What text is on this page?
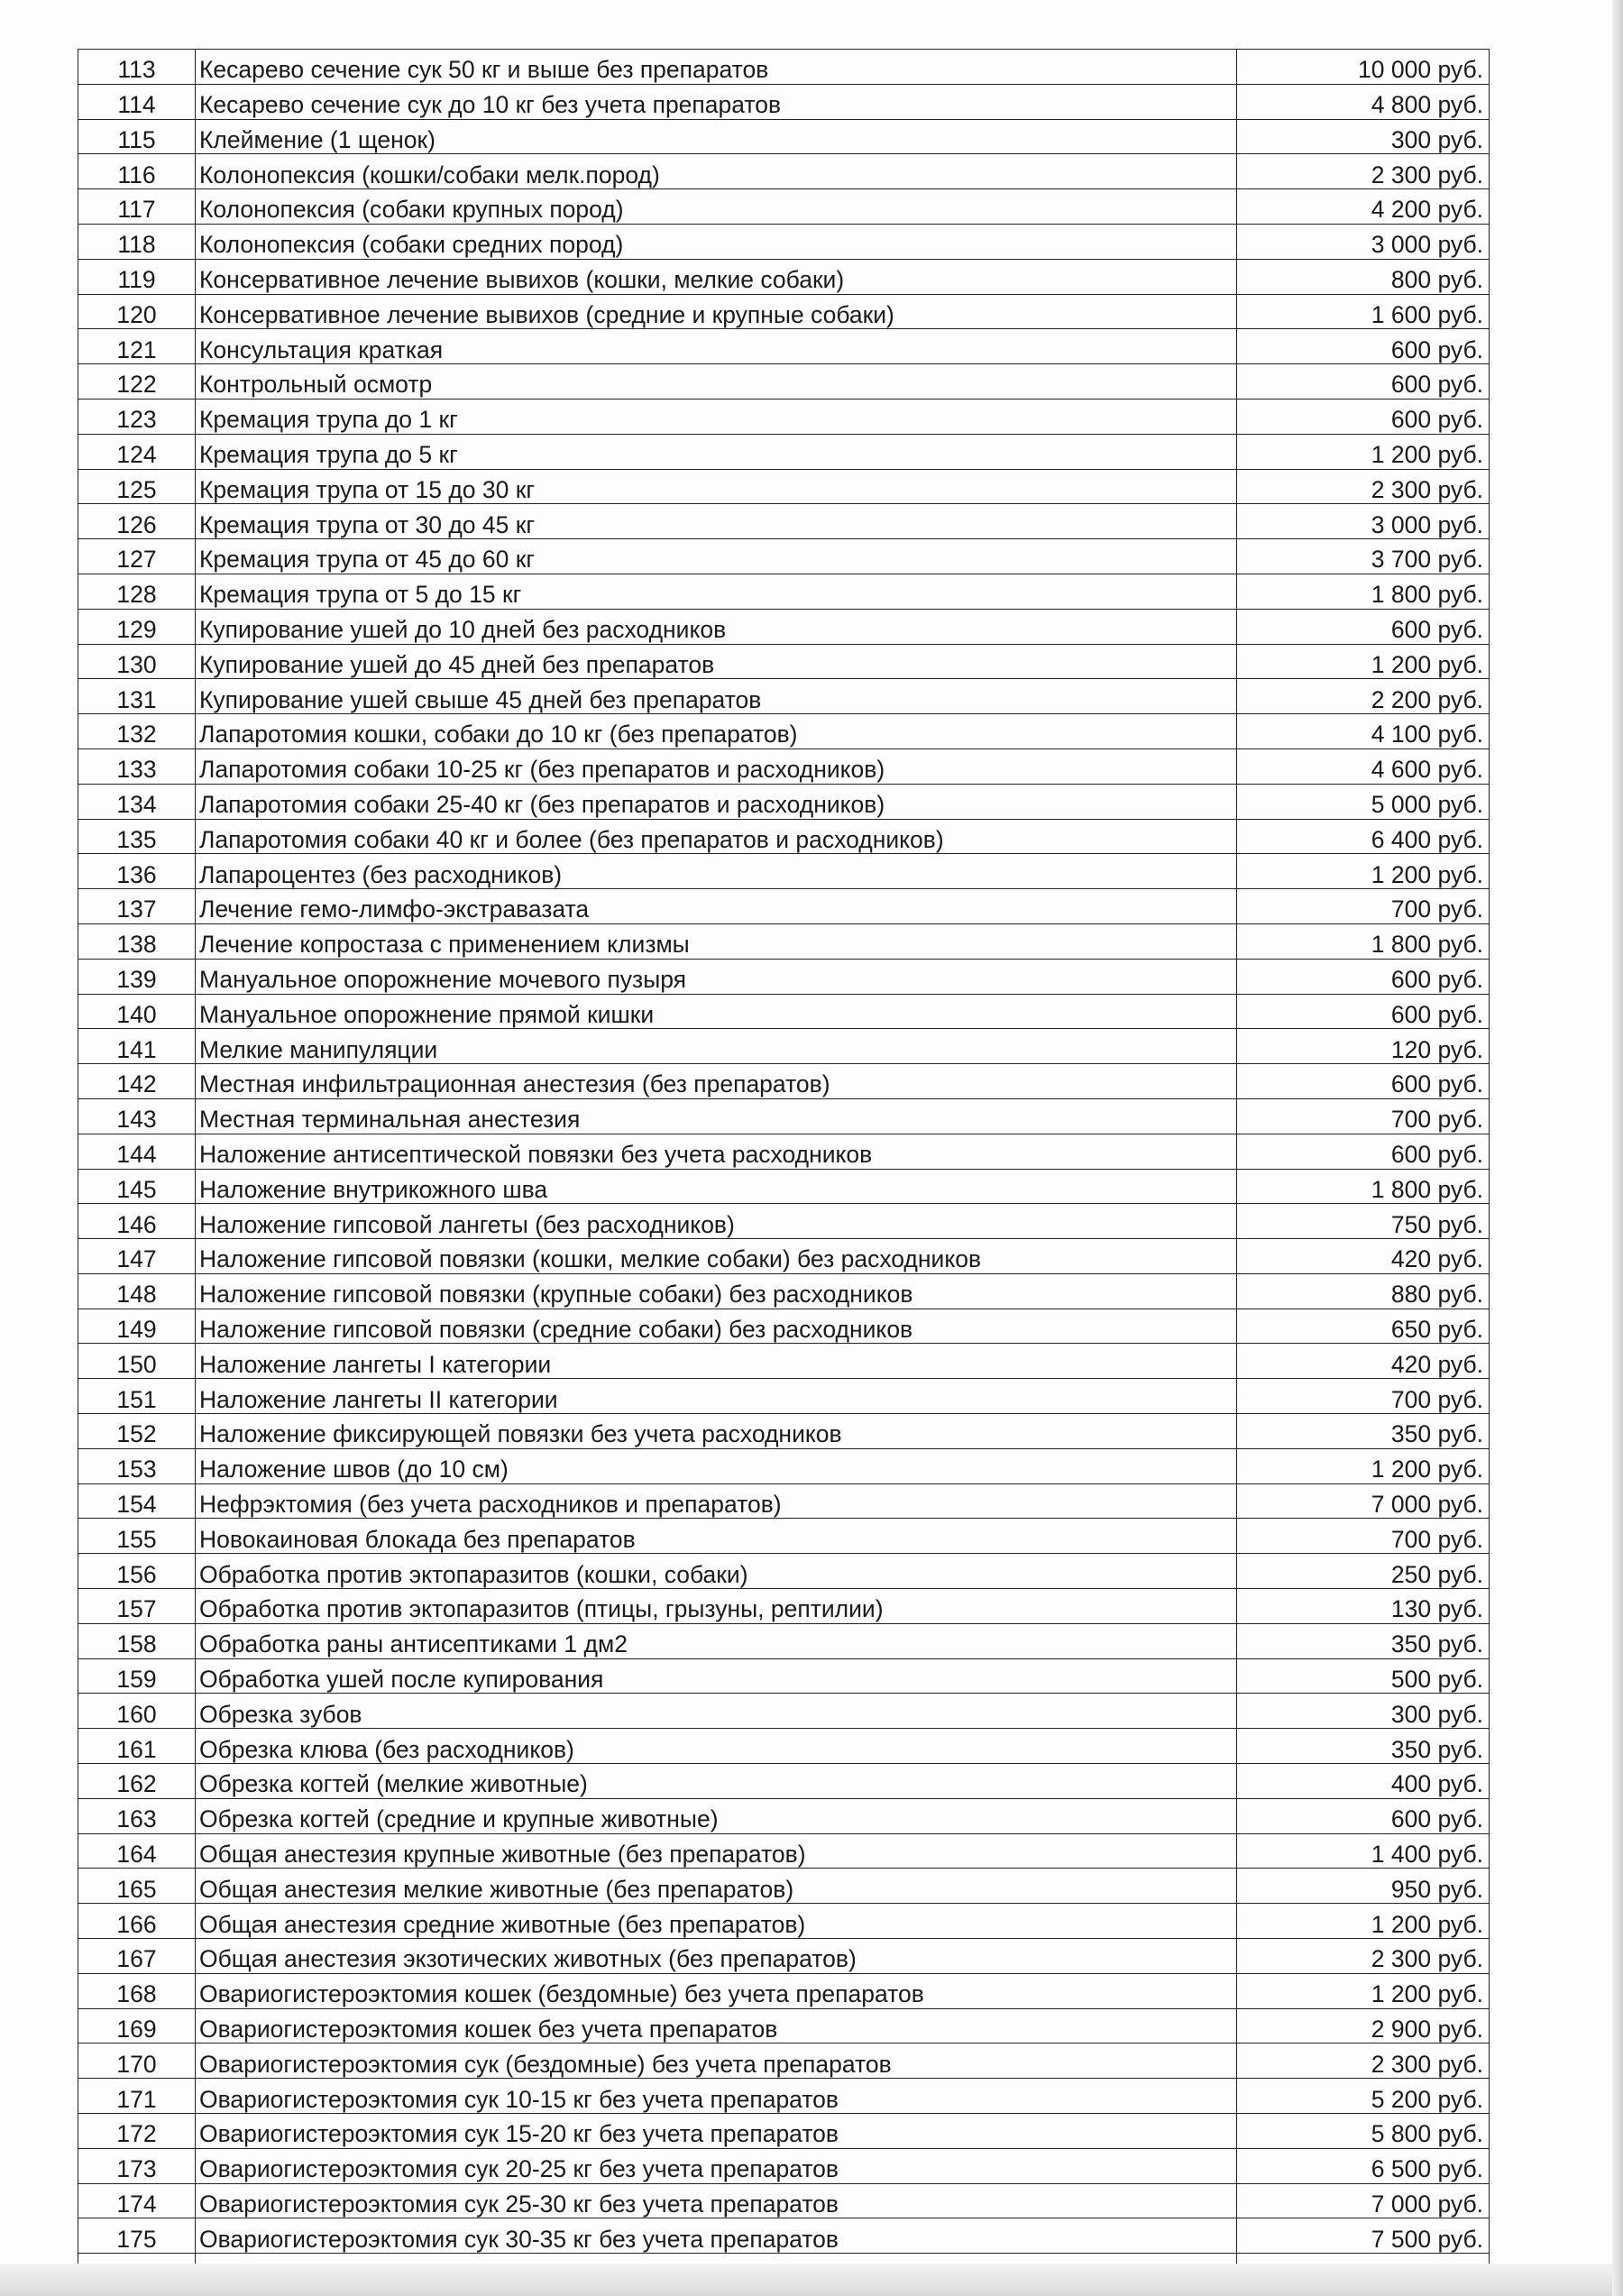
113	Кесарево сечение сук 50 кг и выше без препаратов	10 000 руб.
114	Кесарево сечение сук до 10 кг без учета препаратов	4 800 руб.
115	Клеймение (1 щенок)	300 руб.
116	Колонопексия (кошки/собаки мелк.пород)	2 300 руб.
117	Колонопексия (собаки крупных пород)	4 200 руб.
118	Колонопексия (собаки средних пород)	3 000 руб.
119	Консервативное лечение вывихов (кошки, мелкие собаки)	800 руб.
120	Консервативное лечение вывихов (средние и крупные собаки)	1 600 руб.
121	Консультация краткая	600 руб.
122	Контрольный осмотр	600 руб.
123	Кремация трупа до 1 кг	600 руб.
124	Кремация трупа до 5 кг	1 200 руб.
125	Кремация трупа от 15 до 30 кг	2 300 руб.
126	Кремация трупа от 30 до 45 кг	3 000 руб.
127	Кремация трупа от 45 до 60 кг	3 700 руб.
128	Кремация трупа от 5 до 15 кг	1 800 руб.
129	Купирование ушей до 10 дней без расходников	600 руб.
130	Купирование ушей до 45 дней без препаратов	1 200 руб.
131	Купирование ушей свыше 45 дней без препаратов	2 200 руб.
132	Лапаротомия кошки, собаки до 10 кг (без препаратов)	4 100 руб.
133	Лапаротомия собаки 10-25 кг (без препаратов и расходников)	4 600 руб.
134	Лапаротомия собаки 25-40 кг (без препаратов и расходников)	5 000 руб.
135	Лапаротомия собаки 40 кг и более (без препаратов и расходников)	6 400 руб.
136	Лапароцентез (без расходников)	1 200 руб.
137	Лечение гемо-лимфо-экстравазата	700 руб.
138	Лечение копростаза с применением клизмы	1 800 руб.
139	Мануальное опорожнение мочевого пузыря	600 руб.
140	Мануальное опорожнение прямой кишки	600 руб.
141	Мелкие манипуляции	120 руб.
142	Местная инфильтрационная анестезия (без препаратов)	600 руб.
143	Местная терминальная анестезия	700 руб.
144	Наложение антисептической повязки без учета расходников	600 руб.
145	Наложение внутрикожного шва	1 800 руб.
146	Наложение гипсовой лангеты (без расходников)	750 руб.
147	Наложение гипсовой повязки (кошки, мелкие собаки) без расходников	420 руб.
148	Наложение гипсовой повязки (крупные собаки) без расходников	880 руб.
149	Наложение гипсовой повязки (средние собаки) без расходников	650 руб.
150	Наложение лангеты I категории	420 руб.
151	Наложение лангеты II категории	700 руб.
152	Наложение фиксирующей повязки без учета расходников	350 руб.
153	Наложение швов (до 10 см)	1 200 руб.
154	Нефрэктомия (без учета расходников и препаратов)	7 000 руб.
155	Новокаиновая блокада без препаратов	700 руб.
156	Обработка против эктопаразитов (кошки, собаки)	250 руб.
157	Обработка против эктопаразитов (птицы, грызуны, рептилии)	130 руб.
158	Обработка раны антисептиками 1 дм2	350 руб.
159	Обработка ушей после купирования	500 руб.
160	Обрезка зубов	300 руб.
161	Обрезка клюва (без расходников)	350 руб.
162	Обрезка когтей (мелкие животные)	400 руб.
163	Обрезка когтей (средние и крупные животные)	600 руб.
164	Общая анестезия крупные животные (без препаратов)	1 400 руб.
165	Общая анестезия мелкие животные (без препаратов)	950 руб.
166	Общая анестезия средние животные (без препаратов)	1 200 руб.
167	Общая анестезия экзотических животных (без препаратов)	2 300 руб.
168	Овариогистероэктомия кошек (бездомные) без учета препаратов	1 200 руб.
169	Овариогистероэктомия кошек без учета препаратов	2 900 руб.
170	Овариогистероэктомия сук (бездомные) без учета препаратов	2 300 руб.
171	Овариогистероэктомия сук 10-15 кг без учета препаратов	5 200 руб.
172	Овариогистероэктомия сук 15-20 кг без учета препаратов	5 800 руб.
173	Овариогистероэктомия сук 20-25 кг без учета препаратов	6 500 руб.
174	Овариогистероэктомия сук 25-30 кг без учета препаратов	7 000 руб.
175	Овариогистероэктомия сук 30-35 кг без учета препаратов	7 500 руб.
